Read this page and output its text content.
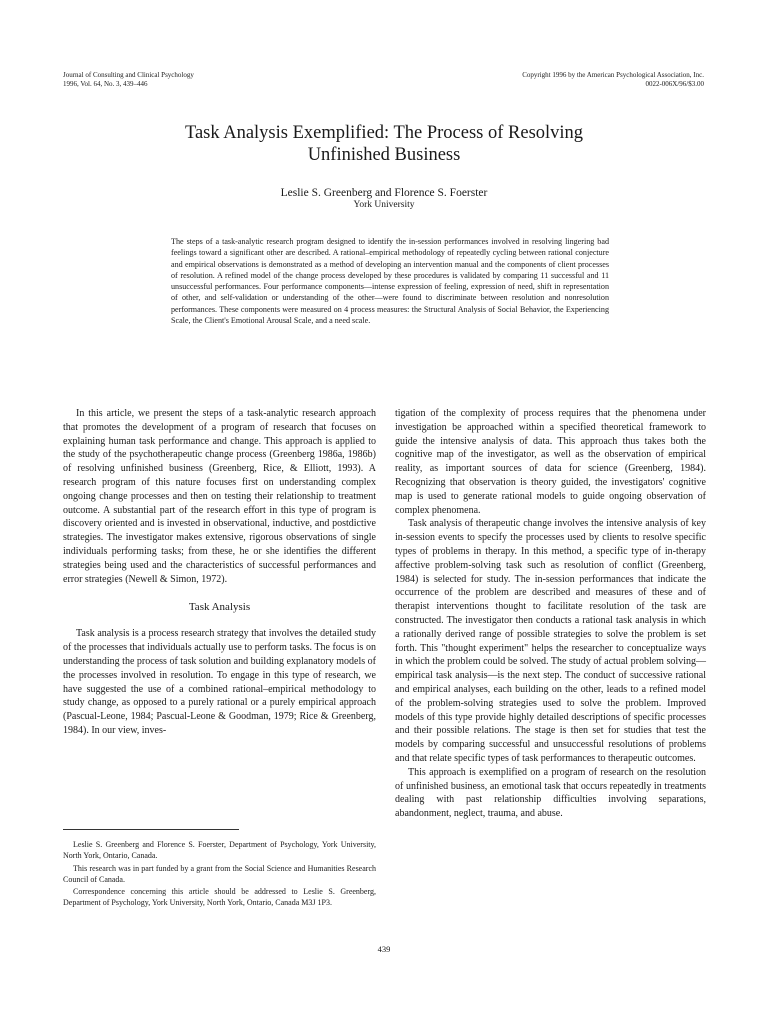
Journal of Consulting and Clinical Psychology
1996, Vol. 64, No. 3, 439–446
Copyright 1996 by the American Psychological Association, Inc.
0022-006X/96/$3.00
Task Analysis Exemplified: The Process of Resolving
Unfinished Business
Leslie S. Greenberg and Florence S. Foerster
York University
The steps of a task-analytic research program designed to identify the in-session performances involved in resolving lingering bad feelings toward a significant other are described. A rational–empirical methodology of repeatedly cycling between rational conjecture and empirical observations is demonstrated as a method of developing an intervention manual and the components of client processes of resolution. A refined model of the change process developed by these procedures is validated by comparing 11 successful and 11 unsuccessful performances. Four performance components—intense expression of feeling, expression of need, shift in representation of other, and self-validation or understanding of the other—were found to discriminate between resolution and nonresolution performances. These components were measured on 4 process measures: the Structural Analysis of Social Behavior, the Experiencing Scale, the Client's Emotional Arousal Scale, and a need scale.

In this article, we present the steps of a task-analytic research approach that promotes the development of a program of research that focuses on explaining human task performance and change. This approach is applied to the study of the psychotherapeutic change process (Greenberg 1986a, 1986b) of resolving unfinished business (Greenberg, Rice, & Elliott, 1993). A research program of this nature focuses first on understanding complex ongoing change processes and then on testing their relationship to treatment outcome. A substantial part of the research effort in this type of program is discovery oriented and is invested in observational, inductive, and postdictive strategies. The investigator makes extensive, rigorous observations of single individuals performing tasks; from these, he or she identifies the different strategies being used and the characteristics of successful performances and error strategies (Newell & Simon, 1972).

Task Analysis

Task analysis is a process research strategy that involves the detailed study of the processes that individuals actually use to perform tasks. The focus is on understanding the process of task solution and building explanatory models of the processes involved in resolution. To engage in this type of research, we have suggested the use of a combined rational–empirical methodology to study change, as opposed to a purely rational or a purely empirical approach (Pascual-Leone, 1984; Pascual-Leone & Goodman, 1979; Rice & Greenberg, 1984). In our view, inves-

tigation of the complexity of process requires that the phenomena under investigation be approached within a specified theoretical framework to guide the intensive analysis of data. This approach thus takes both the cognitive map of the investigator, as well as the observation of empirical reality, as important sources of data for science (Greenberg, 1984). Recognizing that observation is theory guided, the investigators' cognitive map is used to generate rational models to guide ongoing observation of complex phenomena.

Task analysis of therapeutic change involves the intensive analysis of key in-session events to specify the processes used by clients to resolve specific types of problems in therapy. In this method, a specific type of in-therapy affective problem-solving task such as resolution of conflict (Greenberg, 1984) is selected for study. The in-session performances that indicate the occurrence of the problem are described and measures of these and of therapist interventions thought to facilitate resolution of the task are constructed. The investigator then conducts a rational task analysis in which a rationally derived range of possible strategies to solve the problem is set forth. This "thought experiment" helps the researcher to conceptualize ways in which the problem could be solved. The study of actual problem solving—empirical task analysis—is the next step. The conduct of successive rational and empirical analyses, each building on the other, leads to a refined model of the problem-solving strategies used to solve the problem. Improved models of this type provide highly detailed descriptions of specific processes and their possible relations. The stage is then set for studies that test the models by comparing successful and unsuccessful resolutions of problems and that relate specific types of task performances to therapeutic outcomes.

This approach is exemplified on a program of research on the resolution of unfinished business, an emotional task that occurs repeatedly in treatments dealing with past relationship difficulties involving separations, abandonment, neglect, trauma, and abuse.

Leslie S. Greenberg and Florence S. Foerster, Department of Psychology, York University, North York, Ontario, Canada.

This research was in part funded by a grant from the Social Science and Humanities Research Council of Canada.

Correspondence concerning this article should be addressed to Leslie S. Greenberg, Department of Psychology, York University, North York, Ontario, Canada M3J 1P3.

439
